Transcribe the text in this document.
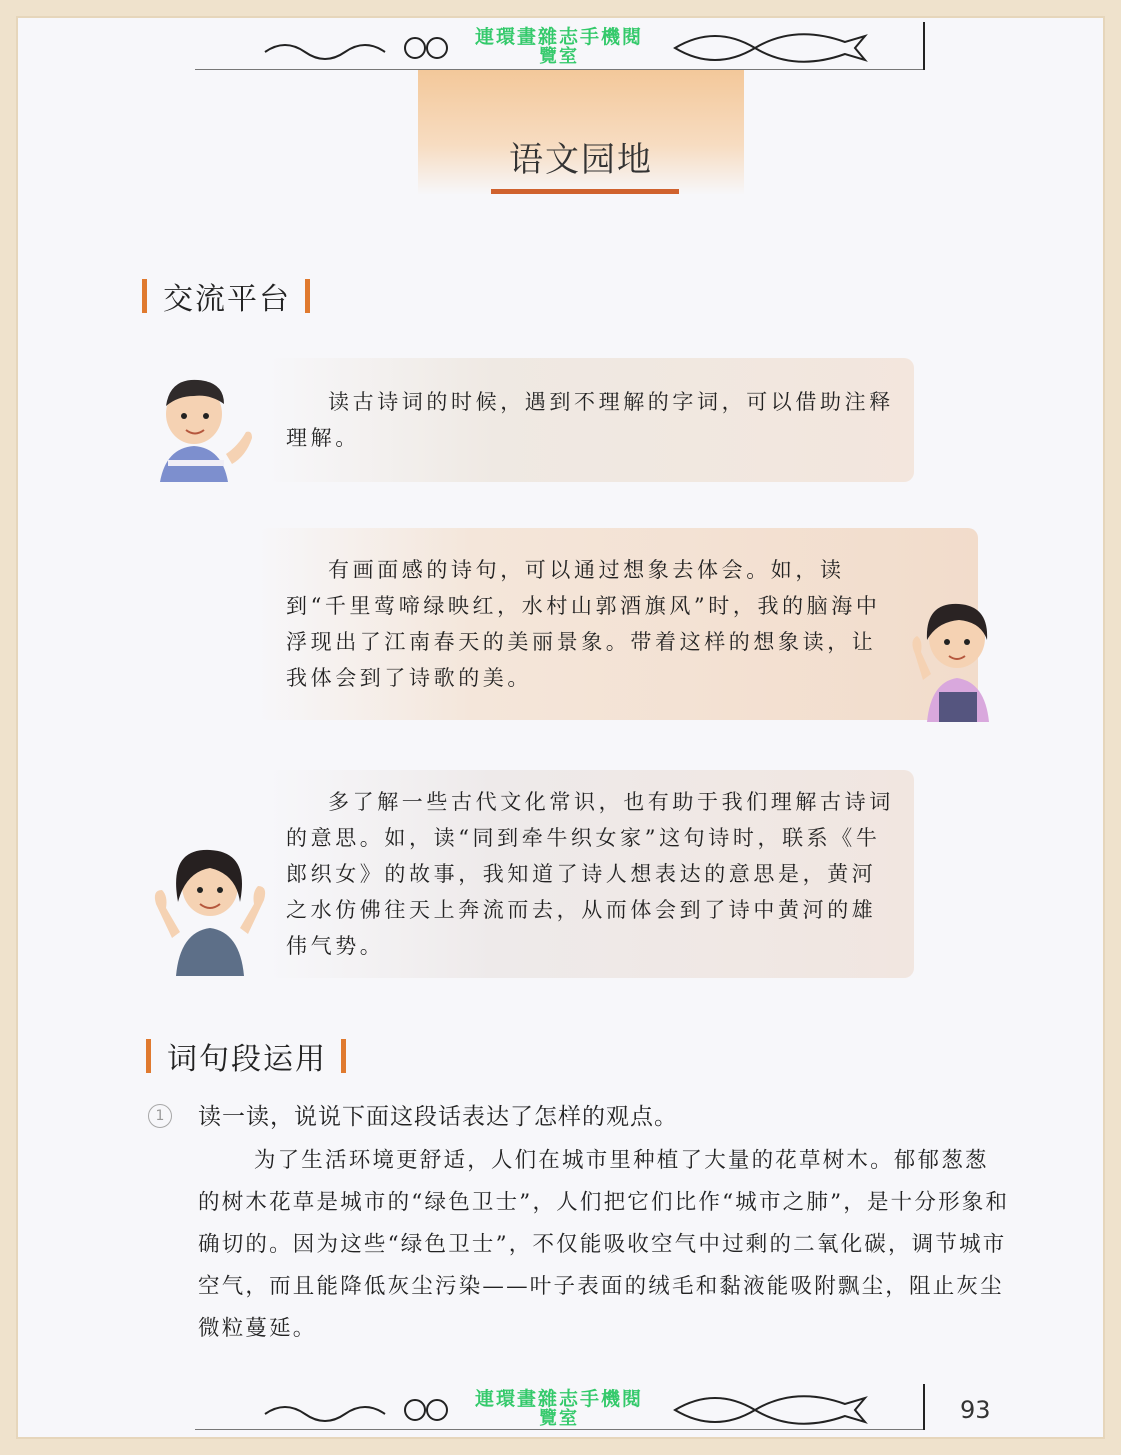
連環畫雜志手機閱
覽室
语文园地
交流平台

读古诗词的时候，遇到不理解的字词，可以借助注释理解。

有画面感的诗句，可以通过想象去体会。如，读到“千里莺啼绿映红，水村山郭酒旗风”时，我的脑海中浮现出了江南春天的美丽景象。带着这样的想象读，让我体会到了诗歌的美。

多了解一些古代文化常识，也有助于我们理解古诗词的意思。如，读“同到牵牛织女家”这句诗时，联系《牛郎织女》的故事，我知道了诗人想表达的意思是，黄河之水仿佛往天上奔流而去，从而体会到了诗中黄河的雄伟气势。

词句段运用
1	读一读，说说下面这段话表达了怎样的观点。

为了生活环境更舒适，人们在城市里种植了大量的花草树木。郁郁葱葱的树木花草是城市的“绿色卫士”，人们把它们比作“城市之肺”，是十分形象和确切的。因为这些“绿色卫士”，不仅能吸收空气中过剩的二氧化碳，调节城市空气，而且能降低灰尘污染——叶子表面的绒毛和黏液能吸附飘尘，阻止灰尘微粒蔓延。

連環畫雜志手機閱
覽室	93
